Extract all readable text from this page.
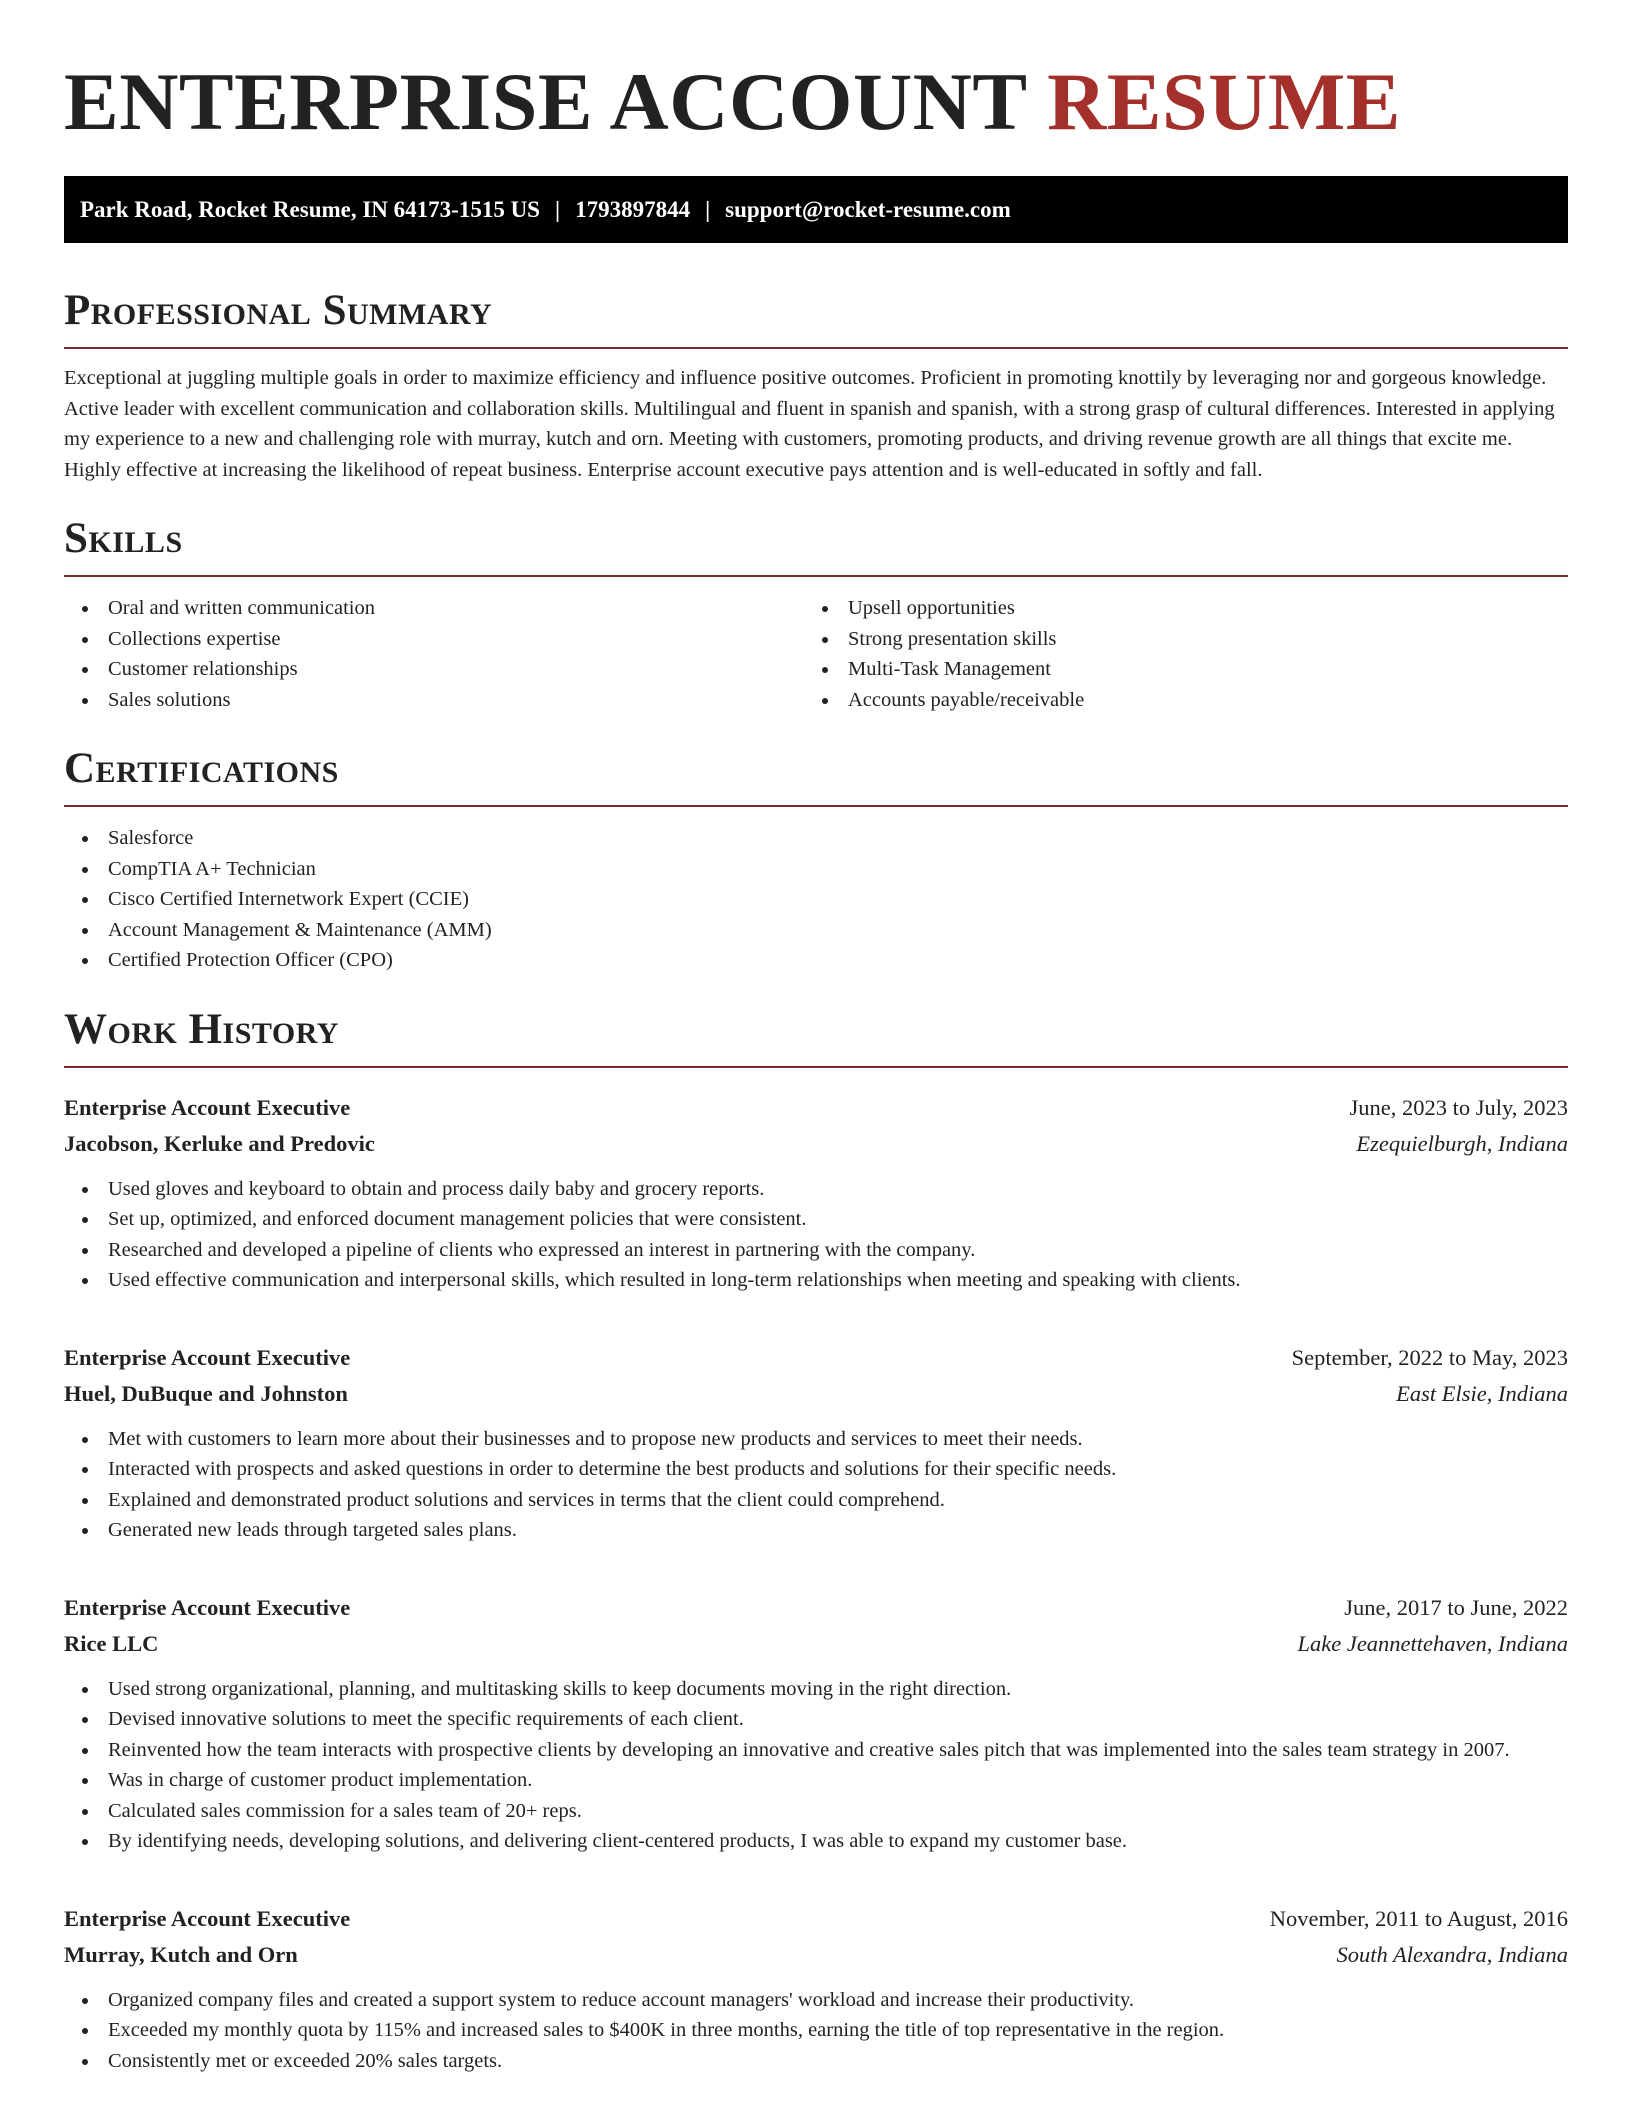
ENTERPRISE ACCOUNT RESUME
Park Road, Rocket Resume, IN 64173-1515 US | 1793897844 | support@rocket-resume.com
Professional Summary

Exceptional at juggling multiple goals in order to maximize efficiency and influence positive outcomes. Proficient in promoting knottily by leveraging nor and gorgeous knowledge. Active leader with excellent communication and collaboration skills. Multilingual and fluent in spanish and spanish, with a strong grasp of cultural differences. Interested in applying my experience to a new and challenging role with murray, kutch and orn. Meeting with customers, promoting products, and driving revenue growth are all things that excite me. Highly effective at increasing the likelihood of repeat business. Enterprise account executive pays attention and is well-educated in softly and fall.

Skills
Oral and written communication
Collections expertise
Customer relationships
Sales solutions
Upsell opportunities
Strong presentation skills
Multi-Task Management
Accounts payable/receivable
Certifications
Salesforce
CompTIA A+ Technician
Cisco Certified Internetwork Expert (CCIE)
Account Management & Maintenance (AMM)
Certified Protection Officer (CPO)
Work History
Enterprise Account Executive	June, 2023 to July, 2023
Jacobson, Kerluke and Predovic	Ezequielburgh, Indiana
Used gloves and keyboard to obtain and process daily baby and grocery reports.
Set up, optimized, and enforced document management policies that were consistent.
Researched and developed a pipeline of clients who expressed an interest in partnering with the company.
Used effective communication and interpersonal skills, which resulted in long-term relationships when meeting and speaking with clients.
Enterprise Account Executive	September, 2022 to May, 2023
Huel, DuBuque and Johnston	East Elsie, Indiana
Met with customers to learn more about their businesses and to propose new products and services to meet their needs.
Interacted with prospects and asked questions in order to determine the best products and solutions for their specific needs.
Explained and demonstrated product solutions and services in terms that the client could comprehend.
Generated new leads through targeted sales plans.
Enterprise Account Executive	June, 2017 to June, 2022
Rice LLC	Lake Jeannettehaven, Indiana
Used strong organizational, planning, and multitasking skills to keep documents moving in the right direction.
Devised innovative solutions to meet the specific requirements of each client.
Reinvented how the team interacts with prospective clients by developing an innovative and creative sales pitch that was implemented into the sales team strategy in 2007.
Was in charge of customer product implementation.
Calculated sales commission for a sales team of 20+ reps.
By identifying needs, developing solutions, and delivering client-centered products, I was able to expand my customer base.
Enterprise Account Executive	November, 2011 to August, 2016
Murray, Kutch and Orn	South Alexandra, Indiana
Organized company files and created a support system to reduce account managers' workload and increase their productivity.
Exceeded my monthly quota by 115% and increased sales to $400K in three months, earning the title of top representative in the region.
Consistently met or exceeded 20% sales targets.
